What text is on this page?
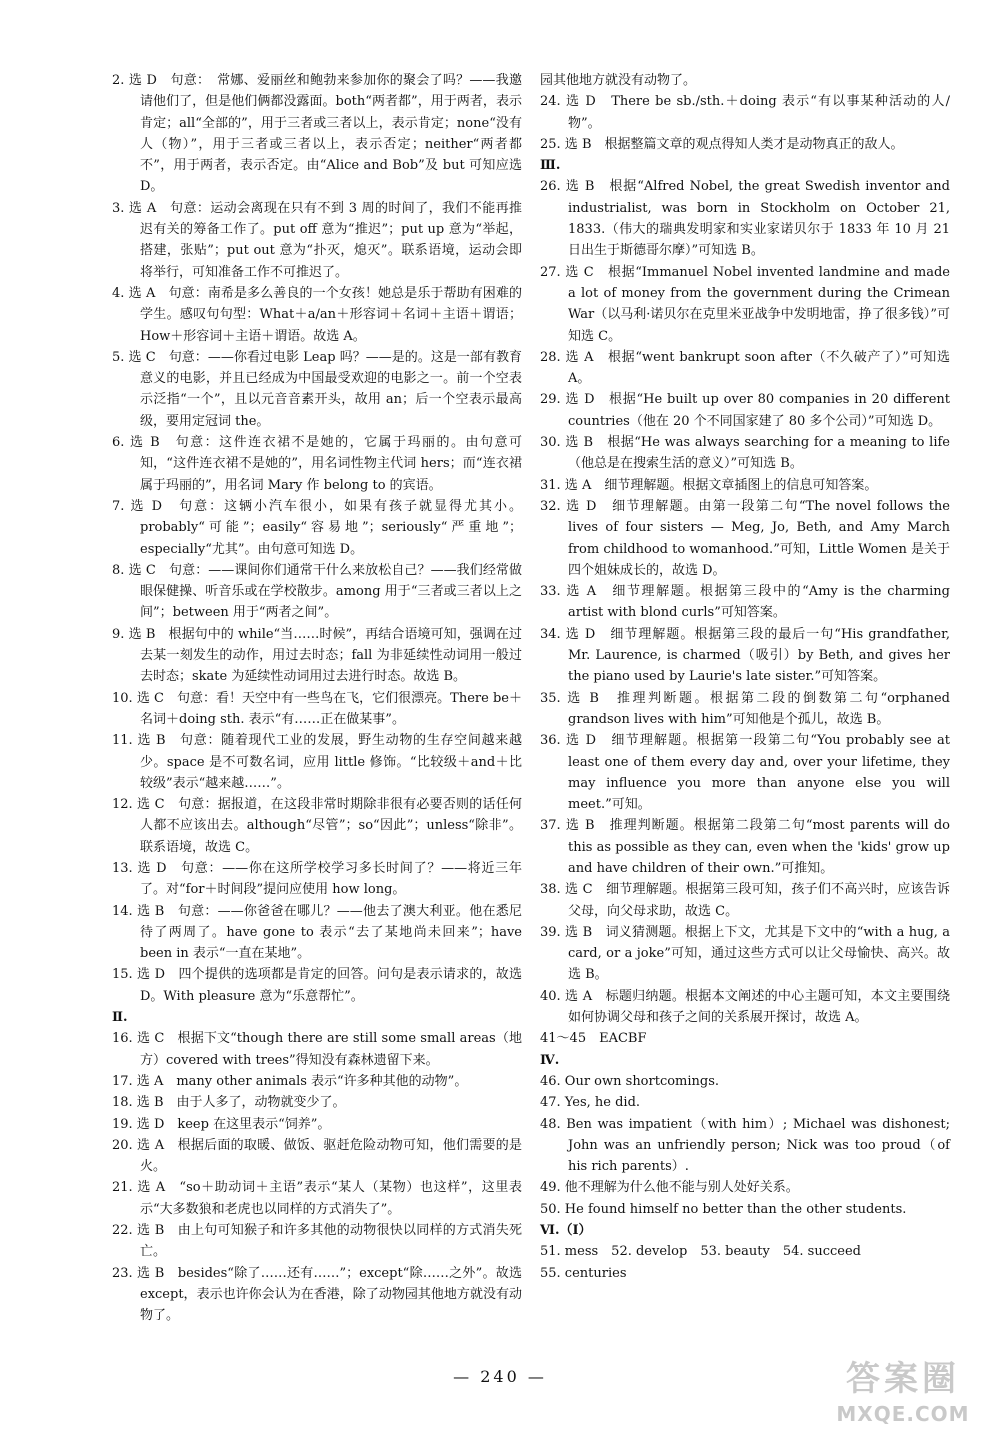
2. 选 D　句意：　常娜、爱丽丝和鲍勃来参加你的聚会了吗？——我邀请他们了，但是他们俩都没露面。both“两者都”，用于两者，表示肯定；all“全部的”，用于三者或三者以上，表示肯定；none“没有人（物）”，用于三者或三者以上，表示否定；neither“两者都不”，用于两者，表示否定。由“Alice and Bob”及 but 可知应选 D。

3. 选 A　句意：运动会离现在只有不到 3 周的时间了，我们不能再推迟有关的筹备工作了。put off 意为“推迟”；put up 意为“举起，搭建，张贴”；put out 意为“扑灭，熄灭”。联系语境，运动会即将举行，可知准备工作不可推迟了。

4. 选 A　句意：南希是多么善良的一个女孩！她总是乐于帮助有困难的学生。感叹句句型：What＋a/an＋形容词＋名词＋主语＋谓语；How＋形容词＋主语＋谓语。故选 A。

5. 选 C　句意：——你看过电影 Leap 吗？——是的。这是一部有教育意义的电影，并且已经成为中国最受欢迎的电影之一。前一个空表示泛指“一个”，且以元音音素开头，故用 an；后一个空表示最高级，要用定冠词 the。

6. 选 B　句意：这件连衣裙不是她的，它属于玛丽的。由句意可知，“这件连衣裙不是她的”，用名词性物主代词 hers；而“连衣裙属于玛丽的”，用名词 Mary 作 belong to 的宾语。

7. 选 D　句意：这辆小汽车很小，如果有孩子就显得尤其小。probably“可能”；easily“容易地”；seriously“严重地”；especially“尤其”。由句意可知选 D。

8. 选 C　句意：——课间你们通常干什么来放松自己？——我们经常做眼保健操、听音乐或在学校散步。among 用于“三者或三者以上之间”；between 用于“两者之间”。

9. 选 B　根据句中的 while“当……时候”，再结合语境可知，强调在过去某一刻发生的动作，用过去时态；fall 为非延续性动词用一般过去时态；skate 为延续性动词用过去进行时态。故选 B。

10. 选 C　句意：看！天空中有一些鸟在飞，它们很漂亮。There be＋名词＋doing sth. 表示“有……正在做某事”。

11. 选 B　句意：随着现代工业的发展，野生动物的生存空间越来越少。space 是不可数名词，应用 little 修饰。“比较级＋and＋比较级”表示“越来越……”。

12. 选 C　句意：据报道，在这段非常时期除非很有必要否则的话任何人都不应该出去。although“尽管”；so“因此”；unless“除非”。联系语境，故选 C。

13. 选 D　句意：——你在这所学校学习多长时间了？——将近三年了。对“for＋时间段”提问应使用 how long。

14. 选 B　句意：——你爸爸在哪儿？——他去了澳大利亚。他在悉尼待了两周了。have gone to 表示“去了某地尚未回来”；have been in 表示“一直在某地”。

15. 选 D　四个提供的选项都是肯定的回答。问句是表示请求的，故选 D。With pleasure 意为“乐意帮忙”。

Ⅱ.

16. 选 C　根据下文“though there are still some small areas（地方）covered with trees”得知没有森林遗留下来。

17. 选 A　many other animals 表示“许多种其他的动物”。

18. 选 B　由于人多了，动物就变少了。

19. 选 D　keep 在这里表示“饲养”。

20. 选 A　根据后面的取暖、做饭、驱赶危险动物可知，他们需要的是火。

21. 选 A　“so＋助动词＋主语”表示“某人（某物）也这样”，这里表示“大多数狼和老虎也以同样的方式消失了”。

22. 选 B　由上句可知猴子和许多其他的动物很快以同样的方式消失死亡。

23. 选 B　besides“除了……还有……”；except“除……之外”。故选 except，表示也许你会认为在香港，除了动物园其他地方就没有动物了。

园其他地方就没有动物了。

24. 选 D　There be sb./sth.＋doing 表示“有以事某种活动的人/物”。

25. 选 B　根据整篇文章的观点得知人类才是动物真正的敌人。

Ⅲ.

26. 选 B　根据“Alfred Nobel, the great Swedish inventor and industrialist, was born in Stockholm on October 21, 1833.（伟大的瑞典发明家和实业家诺贝尔于 1833 年 10 月 21 日出生于斯德哥尔摩）”可知选 B。

27. 选 C　根据“Immanuel Nobel invented landmine and made a lot of money from the government during the Crimean War（以马利·诺贝尔在克里米亚战争中发明地雷，挣了很多钱）”可知选 C。

28. 选 A　根据“went bankrupt soon after（不久破产了）”可知选 A。

29. 选 D　根据“He built up over 80 companies in 20 different countries（他在 20 个不同国家建了 80 多个公司）”可知选 D。

30. 选 B　根据“He was always searching for a meaning to life（他总是在搜索生活的意义）”可知选 B。

31. 选 A　细节理解题。根据文章插图上的信息可知答案。

32. 选 D　细节理解题。由第一段第二句“The novel follows the lives of four sisters — Meg, Jo, Beth, and Amy March from childhood to womanhood.”可知，Little Women 是关于四个姐妹成长的，故选 D。

33. 选 A　细节理解题。根据第三段中的“Amy is the charming artist with blond curls”可知答案。

34. 选 D　细节理解题。根据第三段的最后一句“His grandfather, Mr. Laurence, is charmed（吸引）by Beth, and gives her the piano used by Laurie's late sister.”可知答案。

35. 选 B　推理判断题。根据第二段的倒数第二句“orphaned grandson lives with him”可知他是个孤儿，故选 B。

36. 选 D　细节理解题。根据第一段第二句“You probably see at least one of them every day and, over your lifetime, they may influence you more than anyone else you will meet.”可知。

37. 选 B　推理判断题。根据第二段第二句“most parents will do this as possible as they can, even when the 'kids' grow up and have children of their own.”可推知。

38. 选 C　细节理解题。根据第三段可知，孩子们不高兴时，应该告诉父母，向父母求助，故选 C。

39. 选 B　词义猜测题。根据上下文，尤其是下文中的“with a hug, a card, or a joke”可知，通过这些方式可以让父母愉快、高兴。故选 B。

40. 选 A　标题归纳题。根据本文阐述的中心主题可知，本文主要围绕如何协调父母和孩子之间的关系展开探讨，故选 A。

41～45　EACBF

Ⅳ.

46. Our own shortcomings.

47. Yes, he did.

48. Ben was impatient（with him）; Michael was dishonest; John was an unfriendly person; Nick was too proud（of his rich parents）.

49. 他不理解为什么他不能与别人处好关系。

50. He found himself no better than the other students.

Ⅵ.（Ⅰ）

51. mess　52. develop　53. beauty　54. succeed

55. centuries

— 240 —	答案圈
MXQE.COM
